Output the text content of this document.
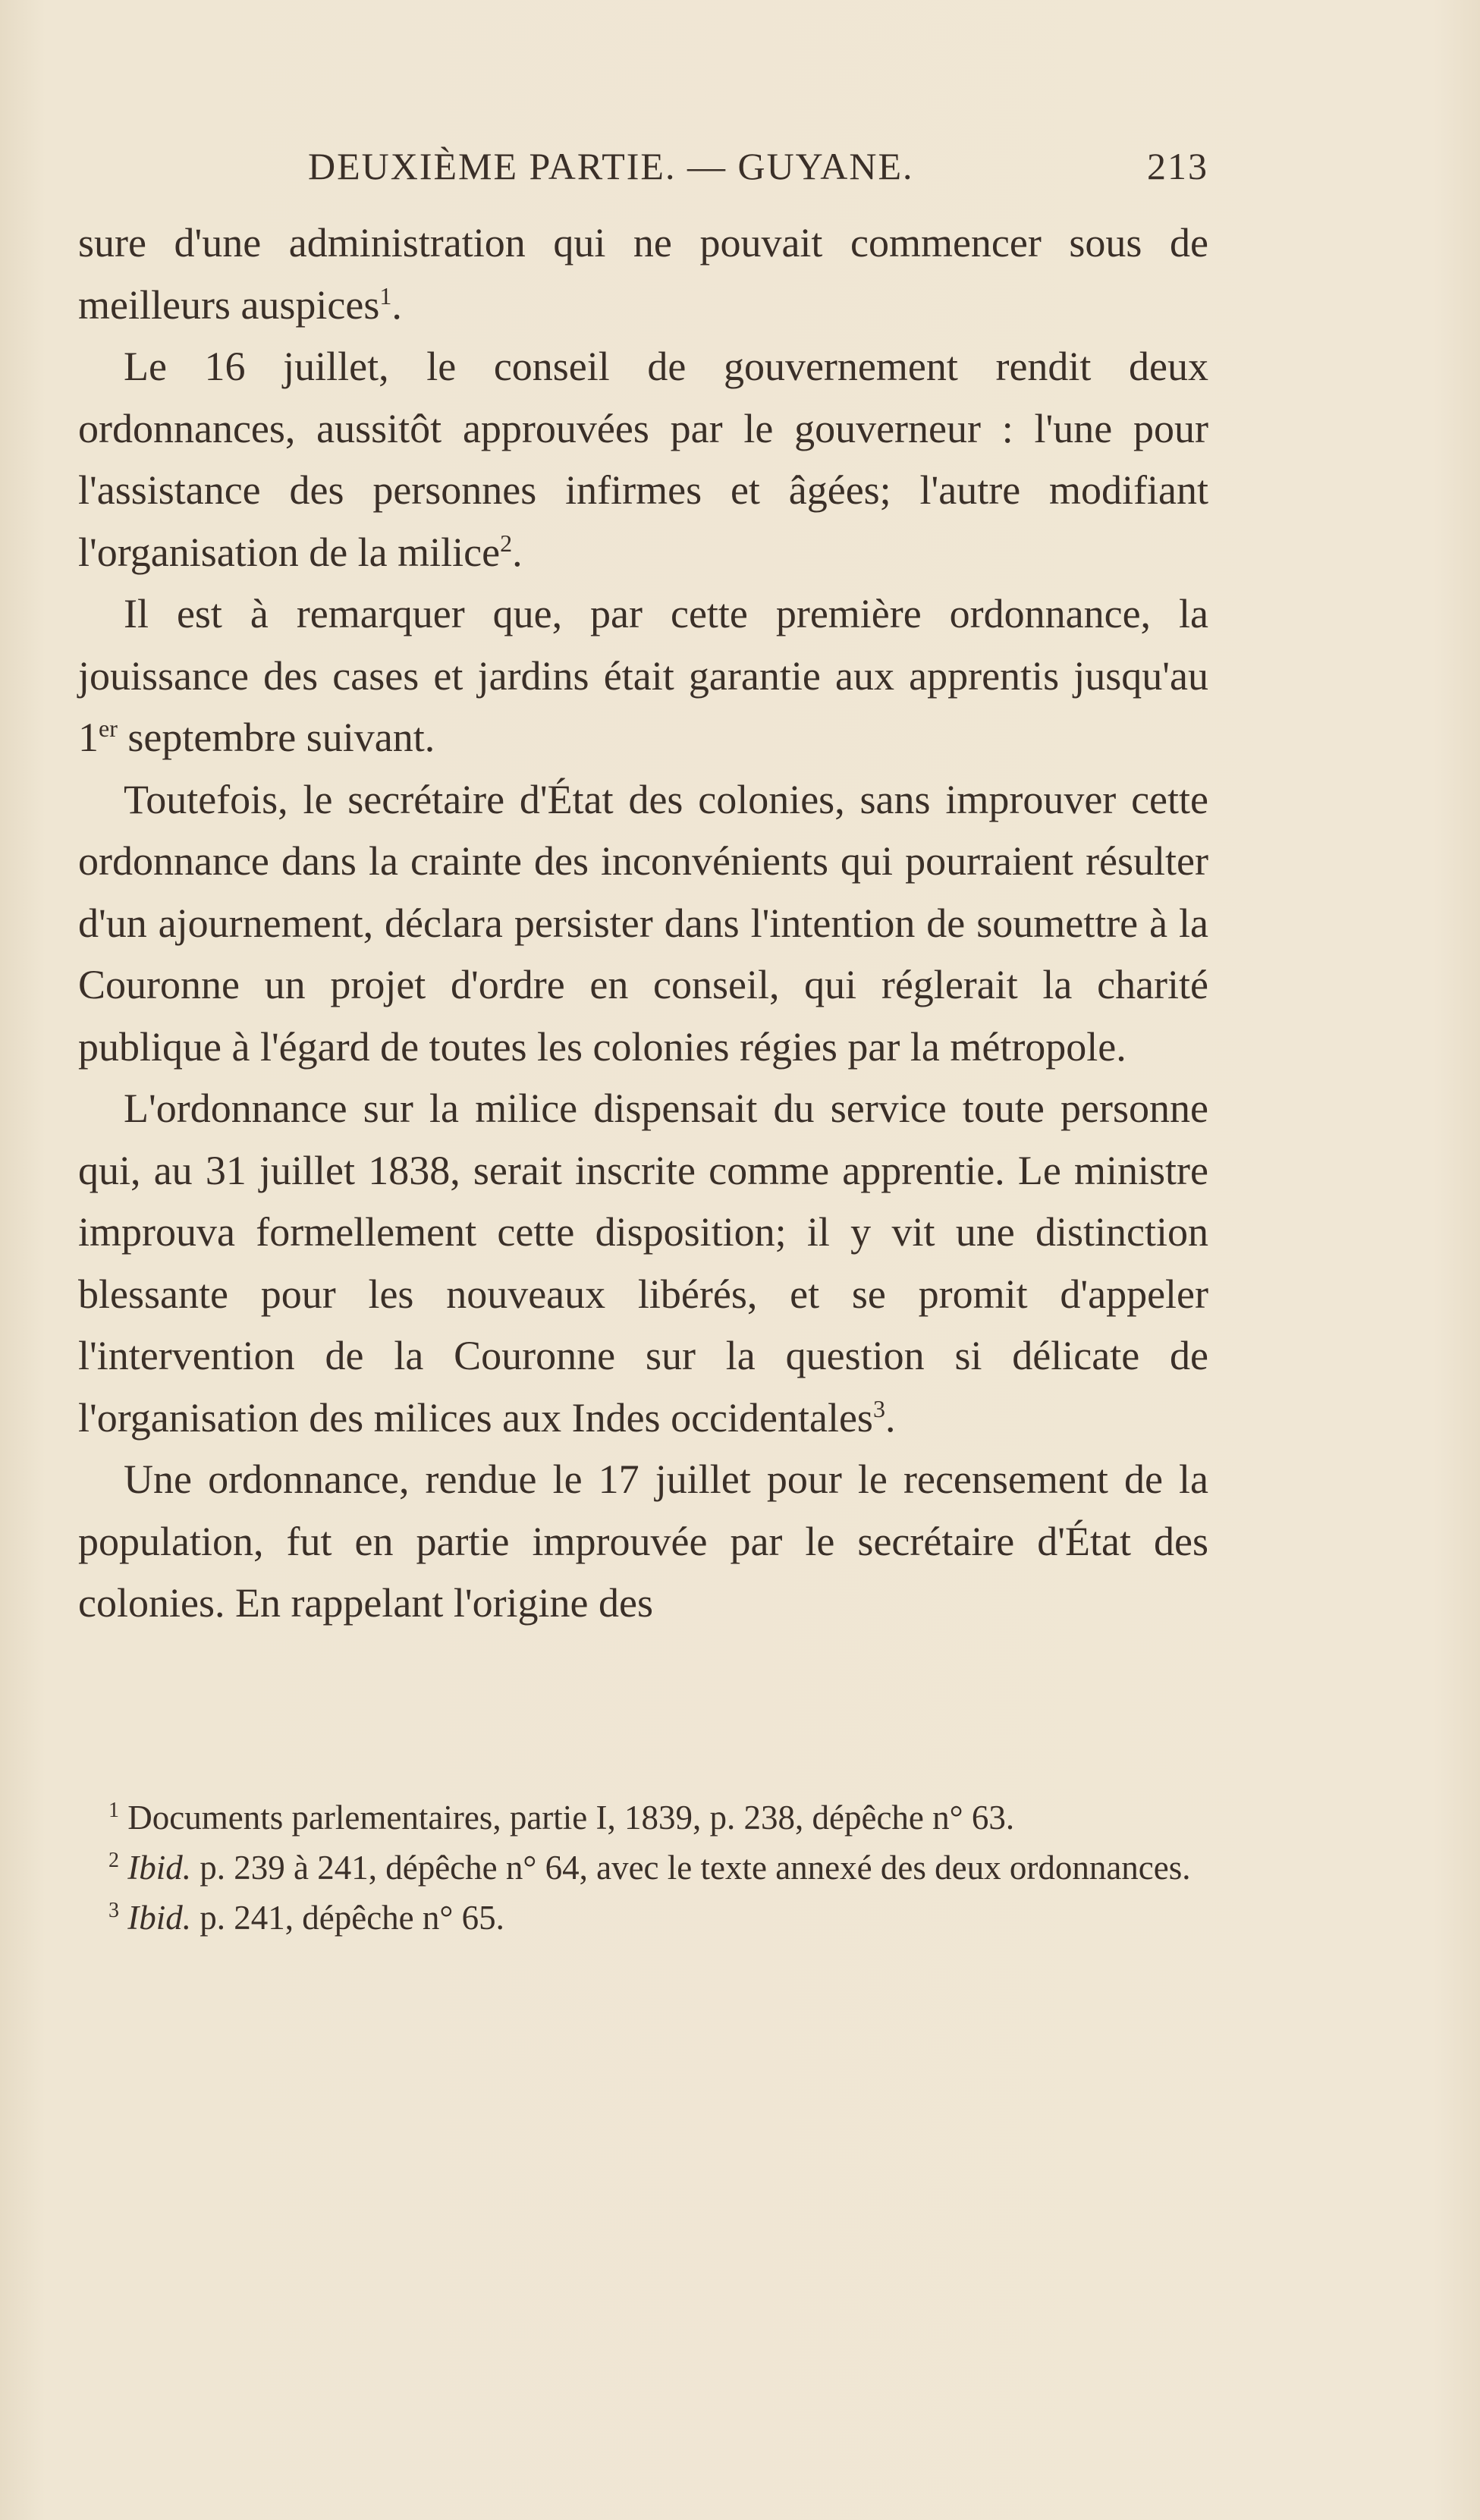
DEUXIÈME PARTIE. — GUYANE.	213

sure d'une administration qui ne pouvait commencer sous de meilleurs auspices$^1$.

Le 16 juillet, le conseil de gouvernement rendit deux ordonnances, aussitôt approuvées par le gouverneur : l'une pour l'assistance des personnes infirmes et âgées; l'autre modifiant l'organisation de la milice$^2$.

Il est à remarquer que, par cette première ordonnance, la jouissance des cases et jardins était garantie aux apprentis jusqu'au 1er septembre suivant.

Toutefois, le secrétaire d'État des colonies, sans improuver cette ordonnance dans la crainte des inconvénients qui pourraient résulter d'un ajournement, déclara persister dans l'intention de soumettre à la Couronne un projet d'ordre en conseil, qui réglerait la charité publique à l'égard de toutes les colonies régies par la métropole.

L'ordonnance sur la milice dispensait du service toute personne qui, au 31 juillet 1838, serait inscrite comme apprentie. Le ministre improuva formellement cette disposition; il y vit une distinction blessante pour les nouveaux libérés, et se promit d'appeler l'intervention de la Couronne sur la question si délicate de l'organisation des milices aux Indes occidentales$^3$.

Une ordonnance, rendue le 17 juillet pour le recensement de la population, fut en partie improuvée par le secrétaire d'État des colonies. En rappelant l'origine des

$^1$ Documents parlementaires, partie I, 1839, p. 238, dépêche n° 63.

$^2$ Ibid. p. 239 à 241, dépêche n° 64, avec le texte annexé des deux ordonnances.

$^3$ Ibid. p. 241, dépêche n° 65.
